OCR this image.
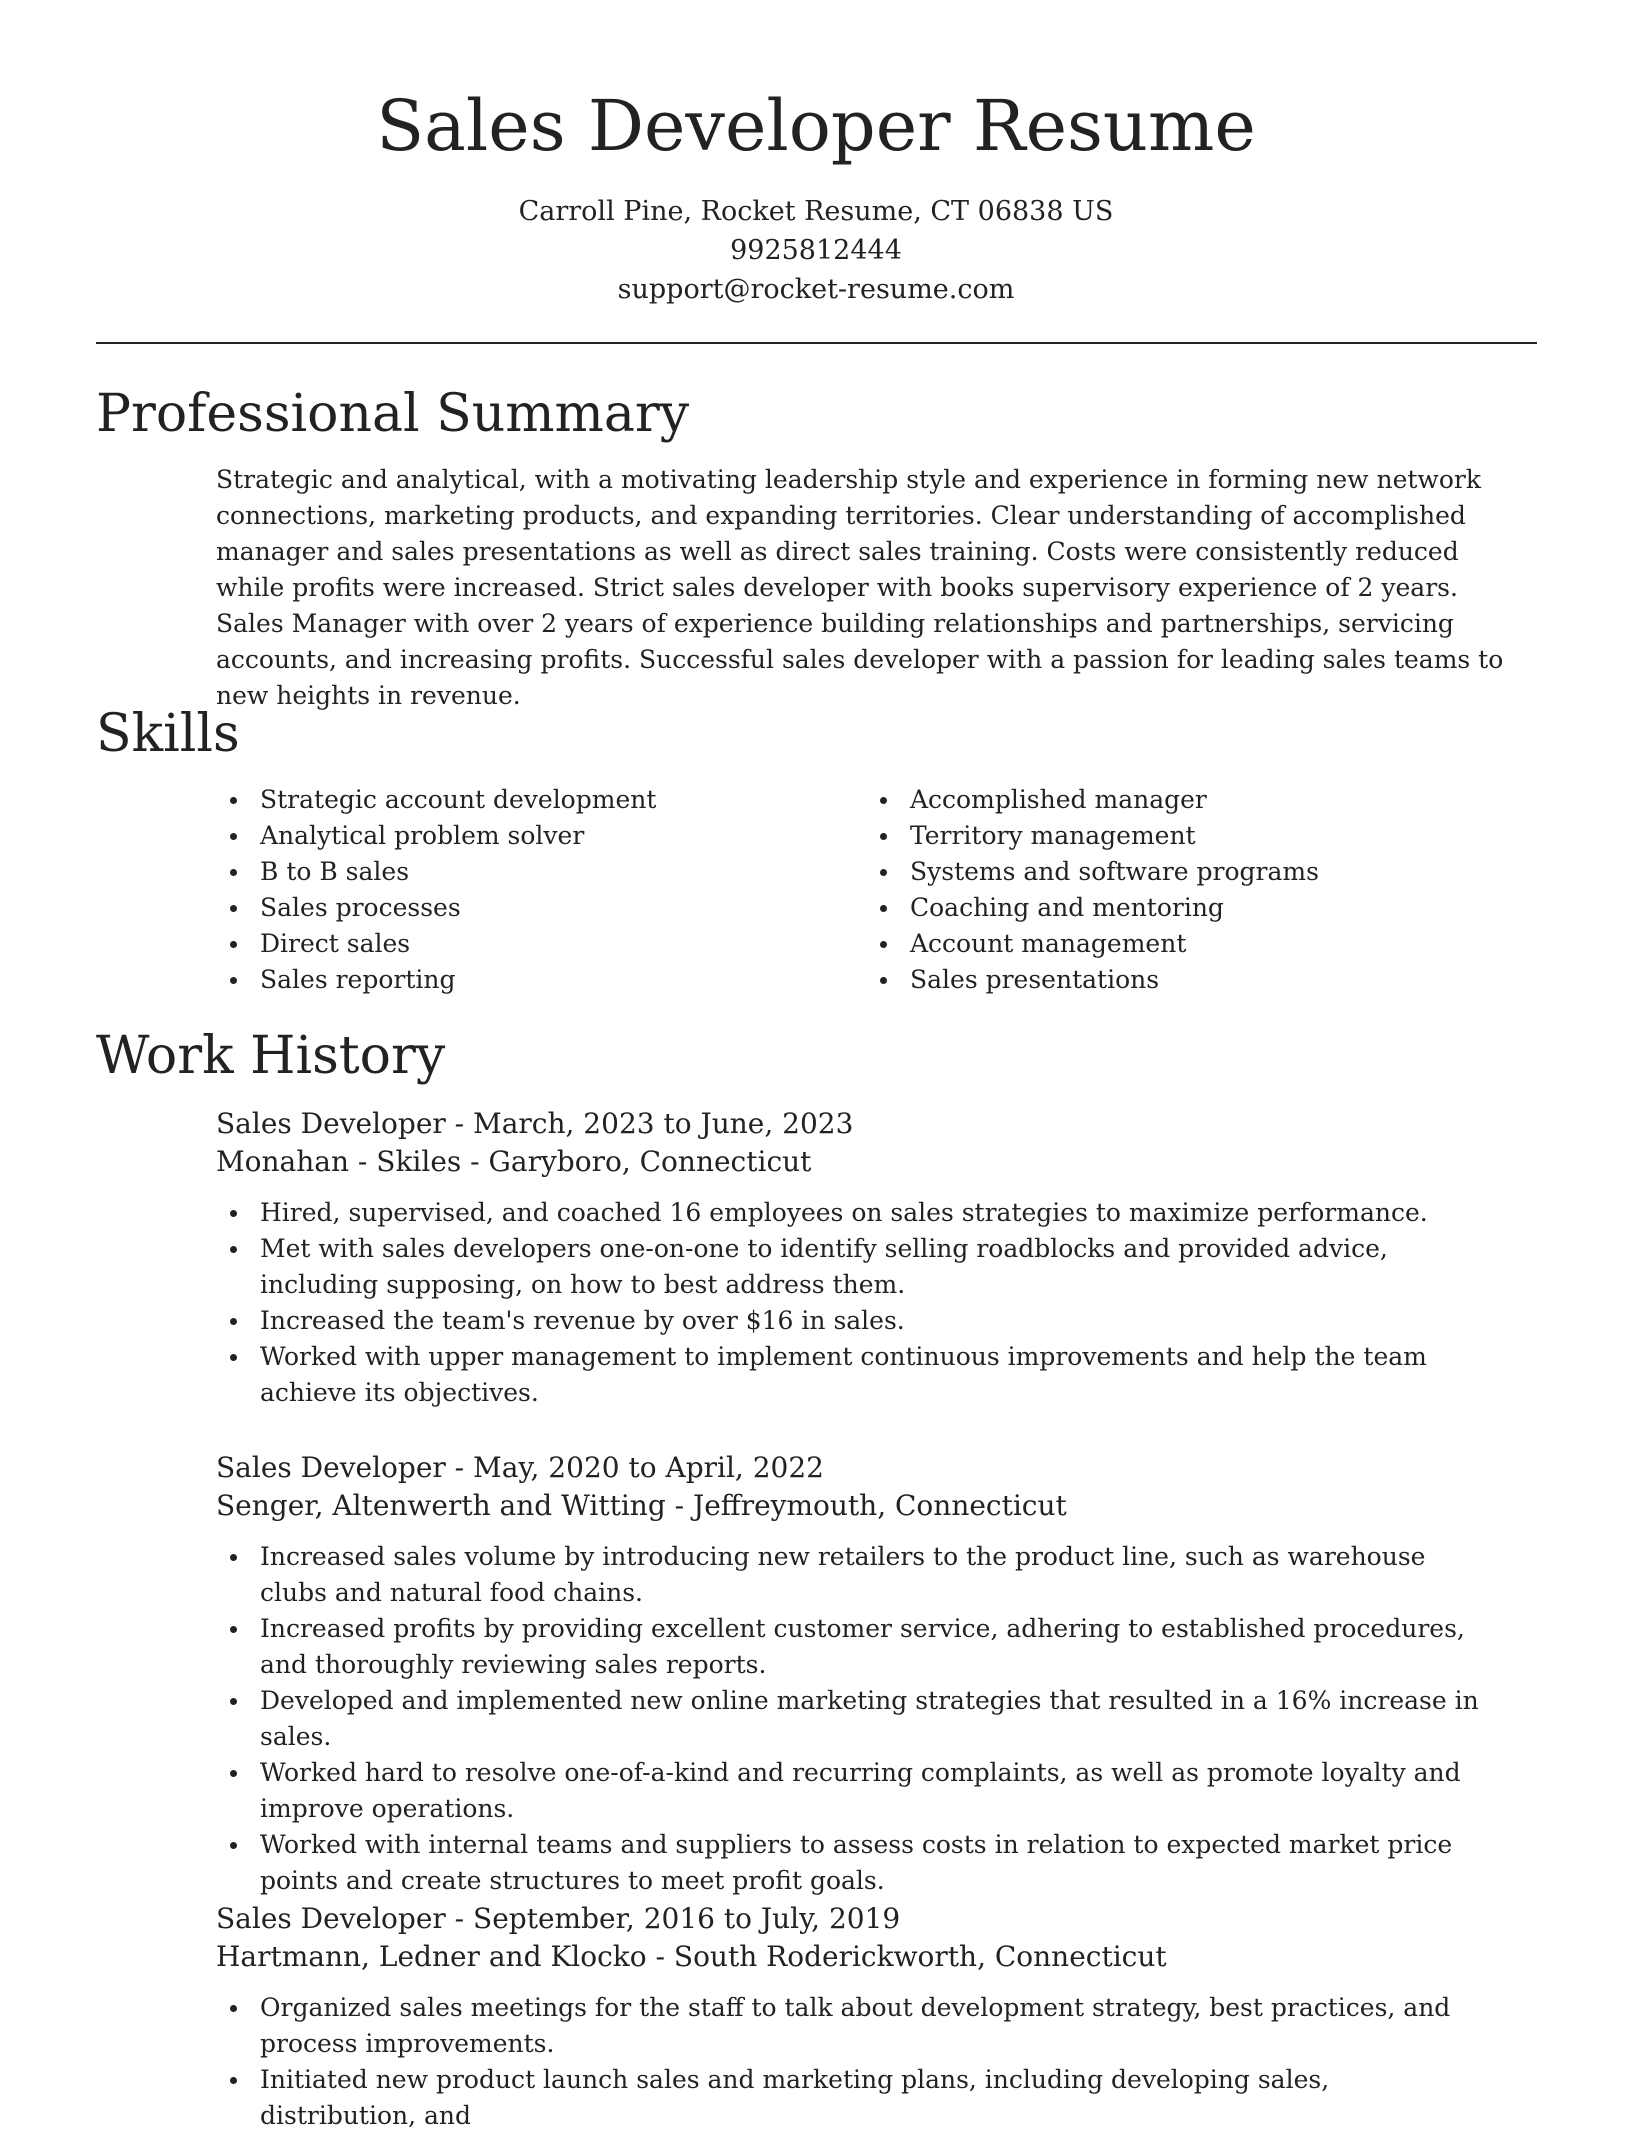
Sales Developer Resume
Carroll Pine, Rocket Resume, CT 06838 US
9925812444
support@rocket-resume.com
Professional Summary

Strategic and analytical, with a motivating leadership style and experience in forming new network connections, marketing products, and expanding territories. Clear understanding of accomplished manager and sales presentations as well as direct sales training. Costs were consistently reduced while profits were increased. Strict sales developer with books supervisory experience of 2 years. Sales Manager with over 2 years of experience building relationships and partnerships, servicing accounts, and increasing profits. Successful sales developer with a passion for leading sales teams to new heights in revenue.

Skills
Strategic account development
Analytical problem solver
B to B sales
Sales processes
Direct sales
Sales reporting
Accomplished manager
Territory management
Systems and software programs
Coaching and mentoring
Account management
Sales presentations
Work History
Sales Developer - March, 2023 to June, 2023
Monahan - Skiles - Garyboro, Connecticut
Hired, supervised, and coached 16 employees on sales strategies to maximize performance.
Met with sales developers one-on-one to identify selling roadblocks and provided advice, including supposing, on how to best address them.
Increased the team's revenue by over $16 in sales.
Worked with upper management to implement continuous improvements and help the team achieve its objectives.
Sales Developer - May, 2020 to April, 2022
Senger, Altenwerth and Witting - Jeffreymouth, Connecticut
Increased sales volume by introducing new retailers to the product line, such as warehouse clubs and natural food chains.
Increased profits by providing excellent customer service, adhering to established procedures, and thoroughly reviewing sales reports.
Developed and implemented new online marketing strategies that resulted in a 16% increase in sales.
Worked hard to resolve one-of-a-kind and recurring complaints, as well as promote loyalty and improve operations.
Worked with internal teams and suppliers to assess costs in relation to expected market price points and create structures to meet profit goals.
Sales Developer - September, 2016 to July, 2019
Hartmann, Ledner and Klocko - South Roderickworth, Connecticut
Organized sales meetings for the staff to talk about development strategy, best practices, and process improvements.
Initiated new product launch sales and marketing plans, including developing sales, distribution, and
